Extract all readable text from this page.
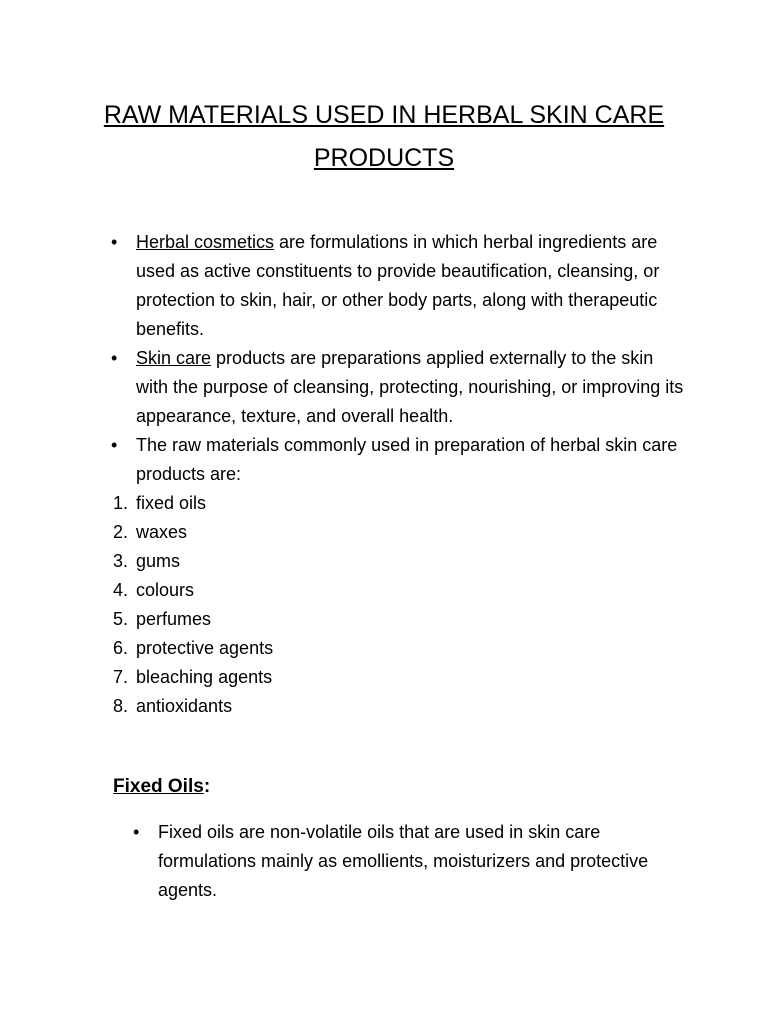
RAW MATERIALS USED IN HERBAL SKIN CARE PRODUCTS
• Herbal cosmetics are formulations in which herbal ingredients are used as active constituents to provide beautification, cleansing, or protection to skin, hair, or other body parts, along with therapeutic benefits.
• Skin care products are preparations applied externally to the skin with the purpose of cleansing, protecting, nourishing, or improving its appearance, texture, and overall health.
• The raw materials commonly used in preparation of herbal skin care products are:
1. fixed oils
2. waxes
3. gums
4. colours
5. perfumes
6. protective agents
7. bleaching agents
8. antioxidants
Fixed Oils:
• Fixed oils are non-volatile oils that are used in skin care formulations mainly as emollients, moisturizers and protective agents.
